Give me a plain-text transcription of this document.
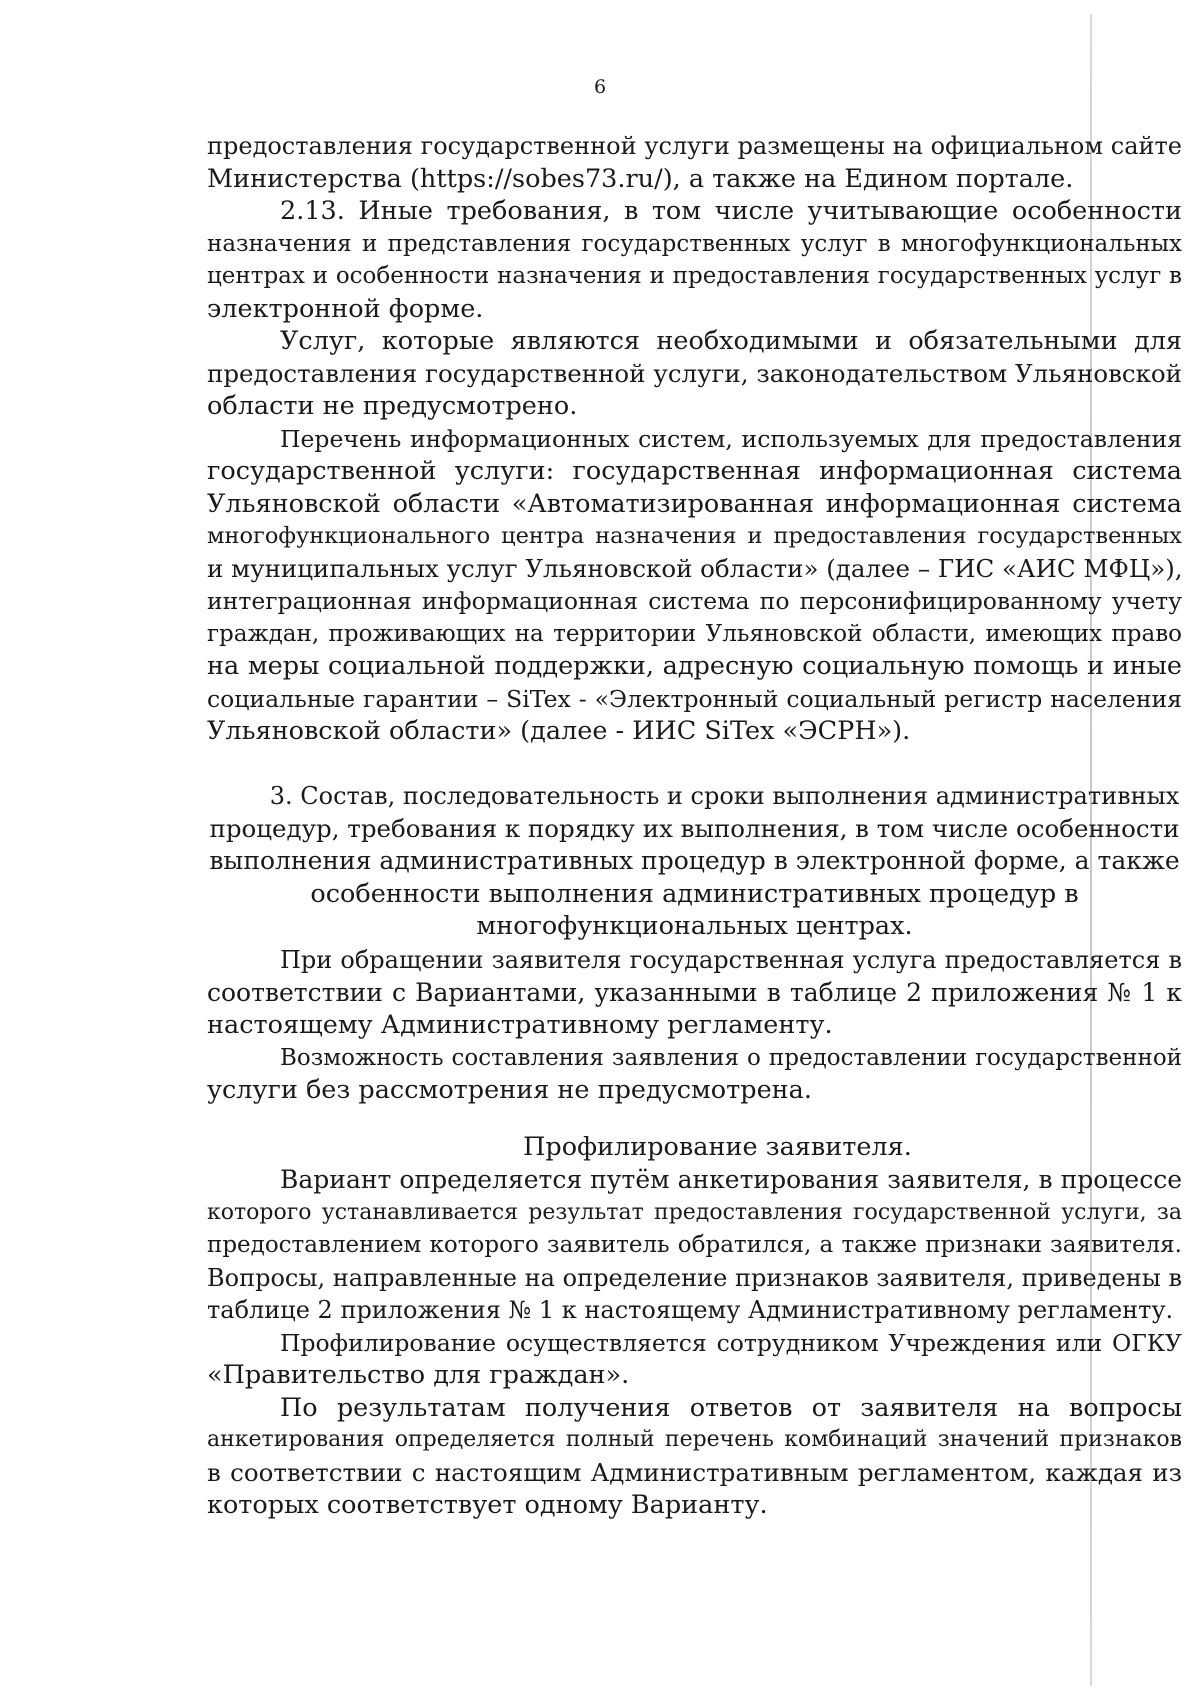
6
предоставления государственной услуги размещены на официальном сайте
Министерства (https://sobes73.ru/), а также на Едином портале.
2.13. Иные требования, в том числе учитывающие особенности
назначения и представления государственных услуг в многофункциональных
центрах и особенности назначения и предоставления государственных услуг в
электронной форме.
Услуг, которые являются необходимыми и обязательными для
предоставления государственной услуги, законодательством Ульяновской
области не предусмотрено.
Перечень информационных систем, используемых для предоставления
государственной услуги: государственная информационная система
Ульяновской области «Автоматизированная информационная система
многофункционального центра назначения и предоставления государственных
и муниципальных услуг Ульяновской области» (далее – ГИС «АИС МФЦ»),
интеграционная информационная система по персонифицированному учету
граждан, проживающих на территории Ульяновской области, имеющих право
на меры социальной поддержки, адресную социальную помощь и иные
социальные гарантии – SiTex - «Электронный социальный регистр населения
Ульяновской области» (далее - ИИС SiTex «ЭСРН»).
3. Состав, последовательность и сроки выполнения административных
процедур, требования к порядку их выполнения, в том числе особенности
выполнения административных процедур в электронной форме, а также
особенности выполнения административных процедур в
многофункциональных центрах.
При обращении заявителя государственная услуга предоставляется в
соответствии с Вариантами, указанными в таблице 2 приложения № 1 к
настоящему Административному регламенту.
Возможность составления заявления о предоставлении государственной
услуги без рассмотрения не предусмотрена.
Профилирование заявителя.
Вариант определяется путём анкетирования заявителя, в процессе
которого устанавливается результат предоставления государственной услуги, за
предоставлением которого заявитель обратился, а также признаки заявителя.
Вопросы, направленные на определение признаков заявителя, приведены в
таблице 2 приложения № 1 к настоящему Административному регламенту.
Профилирование осуществляется сотрудником Учреждения или ОГКУ
«Правительство для граждан».
По результатам получения ответов от заявителя на вопросы
анкетирования определяется полный перечень комбинаций значений признаков
в соответствии с настоящим Административным регламентом, каждая из
которых соответствует одному Варианту.
